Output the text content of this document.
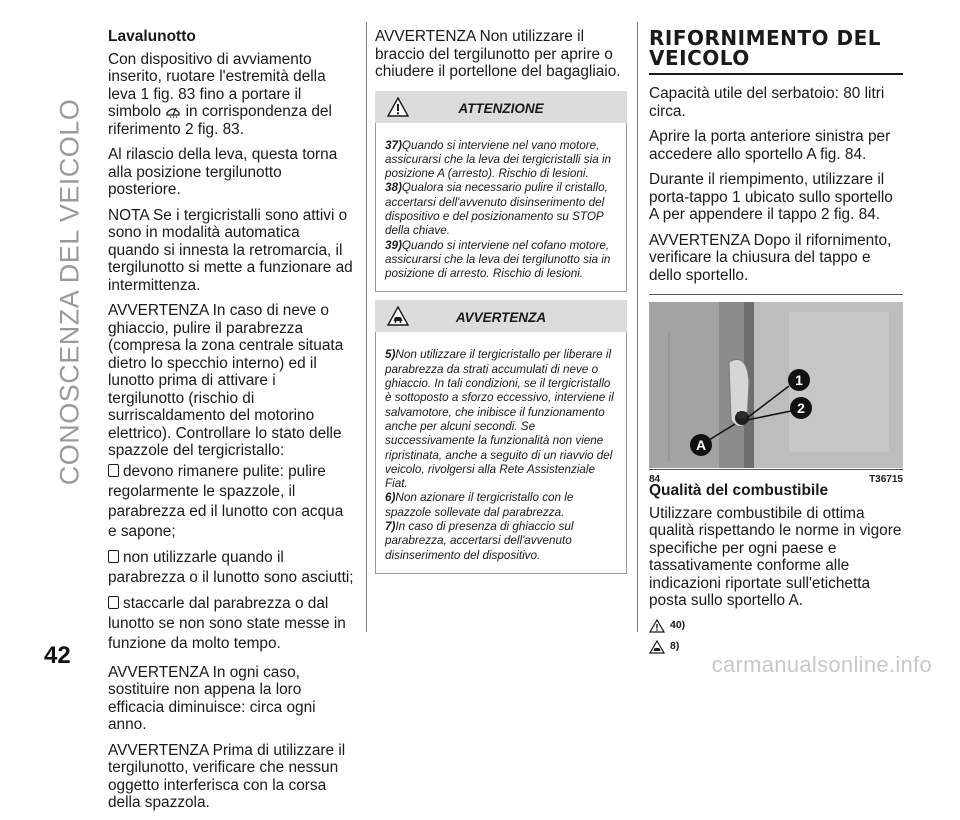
CONOSCENZA DEL VEICOLO
42	carmanualsonline.info
Lavalunotto

Con dispositivo di avviamento inserito, ruotare l'estremità della leva 1 fig. 83 fino a portare il simbolo in corrispondenza del riferimento 2 fig. 83.

Al rilascio della leva, questa torna alla posizione tergilunotto posteriore.

NOTA Se i tergicristalli sono attivi o sono in modalità automatica quando si innesta la retromarcia, il tergilunotto si mette a funzionare ad intermittenza.

AVVERTENZA In caso di neve o ghiaccio, pulire il parabrezza (compresa la zona centrale situata dietro lo specchio interno) ed il lunotto prima di attivare i tergilunotto (rischio di surriscaldamento del motorino elettrico). Controllare lo stato delle spazzole del tergicristallo:

devono rimanere pulite: pulire regolarmente le spazzole, il parabrezza ed il lunotto con acqua e sapone;
non utilizzarle quando il parabrezza o il lunotto sono asciutti;
staccarle dal parabrezza o dal lunotto se non sono state messe in funzione da molto tempo.

AVVERTENZA In ogni caso, sostituire non appena la loro efficacia diminuisce: circa ogni anno.

AVVERTENZA Prima di utilizzare il tergilunotto, verificare che nessun oggetto interferisca con la corsa della spazzola.

AVVERTENZA Non utilizzare il braccio del tergilunotto per aprire o chiudere il portellone del bagagliaio.

ATTENZIONE

37)Quando si interviene nel vano motore, assicurarsi che la leva dei tergicristalli sia in posizione A (arresto). Rischio di lesioni.

38)Qualora sia necessario pulire il cristallo, accertarsi dell'avvenuto disinserimento del dispositivo e del posizionamento su STOP della chiave.

39)Quando si interviene nel cofano motore, assicurarsi che la leva dei tergilunotto sia in posizione di arresto. Rischio di lesioni.

AVVERTENZA

5)Non utilizzare il tergicristallo per liberare il parabrezza da strati accumulati di neve o ghiaccio. In tali condizioni, se il tergicristallo è sottoposto a sforzo eccessivo, interviene il salvamotore, che inibisce il funzionamento anche per alcuni secondi. Se successivamente la funzionalità non viene ripristinata, anche a seguito di un riavvio del veicolo, rivolgersi alla Rete Assistenziale Fiat.

6)Non azionare il tergicristallo con le spazzole sollevate dal parabrezza.

7)In caso di presenza di ghiaccio sul parabrezza, accertarsi dell'avvenuto disinserimento del dispositivo.

RIFORNIMENTO DEL VEICOLO

Capacità utile del serbatoio: 80 litri circa.

Aprire la porta anteriore sinistra per accedere allo sportello A fig. 84.

Durante il riempimento, utilizzare il porta-tappo 1 ubicato sullo sportello A per appendere il tappo 2 fig. 84.

AVVERTENZA Dopo il rifornimento, verificare la chiusura del tappo e dello sportello.

1
2
A
84	T36715
Qualità del combustibile

Utilizzare combustibile di ottima qualità rispettando le norme in vigore specifiche per ogni paese e tassativamente conforme alle indicazioni riportate sull'etichetta posta sullo sportello A.

40)
8)
